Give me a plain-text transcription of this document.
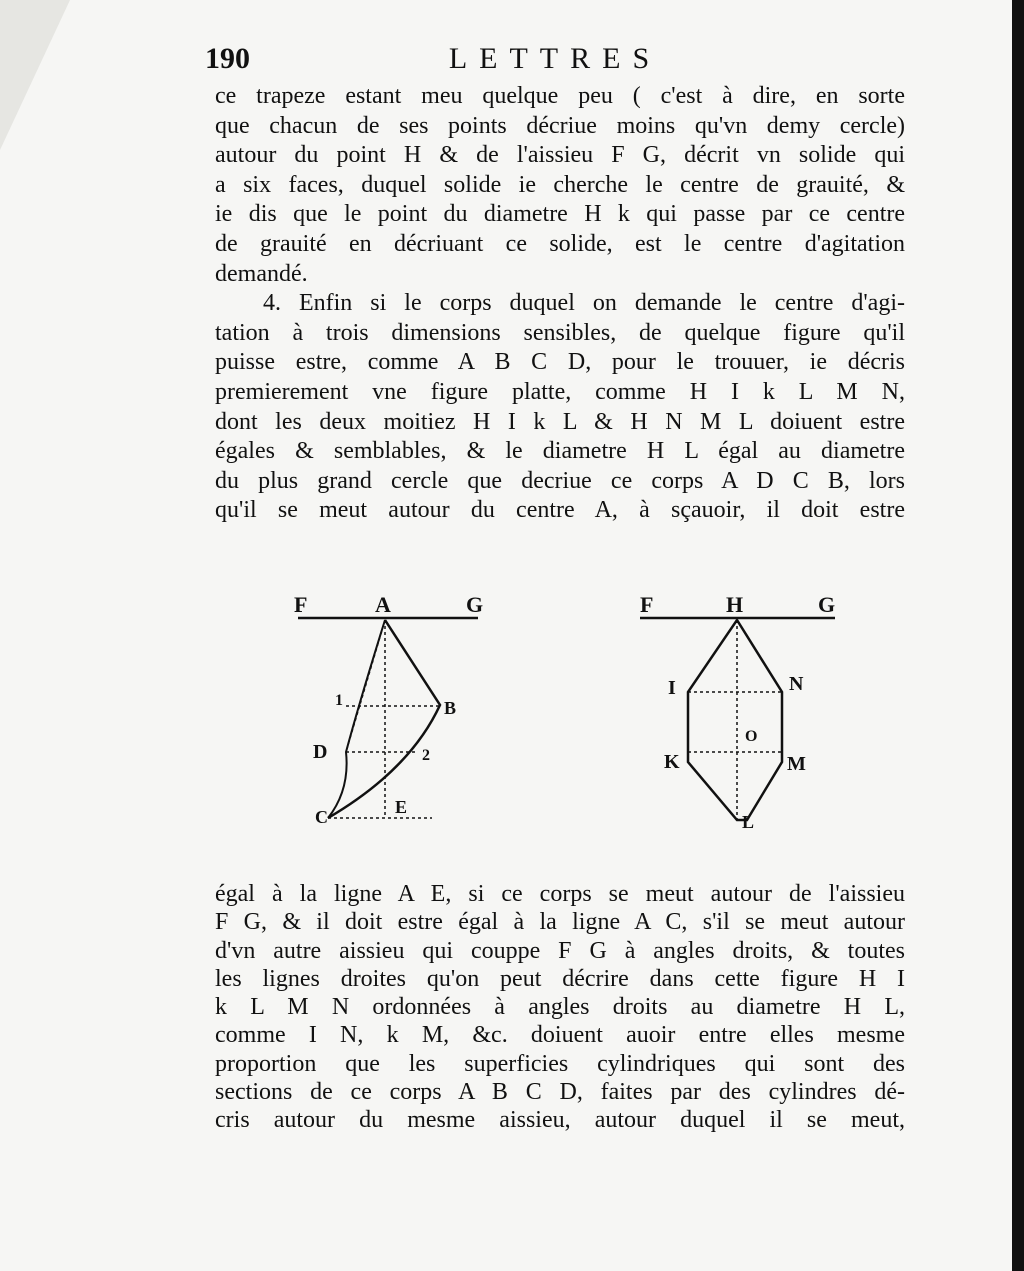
LETTRES
190
ce trapeze estant meu quelque peu ( c'est à dire, en sorte
que chacun de ses points décriue moins qu'vn demy cercle)
autour du point H & de l'aissieu F G, décrit vn solide qui
a six faces, duquel solide ie cherche le centre de grauité, &
ie dis que le point du diametre H k qui passe par ce centre
de grauité en décriuant ce solide, est le centre d'agitation
demandé.
4. Enfin si le corps duquel on demande le centre d'agi-
tation à trois dimensions sensibles, de quelque figure qu'il
puisse estre, comme A B C D, pour le trouuer, ie décris
premierement vne figure platte, comme H I k L M N,
dont les deux moitiez H I k L & H N M L doiuent estre
égales & semblables, & le diametre H L égal au diametre
du plus grand cercle que decriue ce corps A D C B, lors
qu'il se meut autour du centre A, à sçauoir, il doit estre
F	A	G
1	B
D	2
C	E
F	H	G
I	N
O
K	M
L
égal à la ligne A E, si ce corps se meut autour de l'aissieu
F G, & il doit estre égal à la ligne A C, s'il se meut autour
d'vn autre aissieu qui couppe F G à angles droits, & toutes
les lignes droites qu'on peut décrire dans cette figure H I
k L M N ordonnées à angles droits au diametre H L,
comme I N, k M, &c. doiuent auoir entre elles mesme
proportion que les superficies cylindriques qui sont des
sections de ce corps A B C D, faites par des cylindres dé-
cris autour du mesme aissieu, autour duquel il se meut,
